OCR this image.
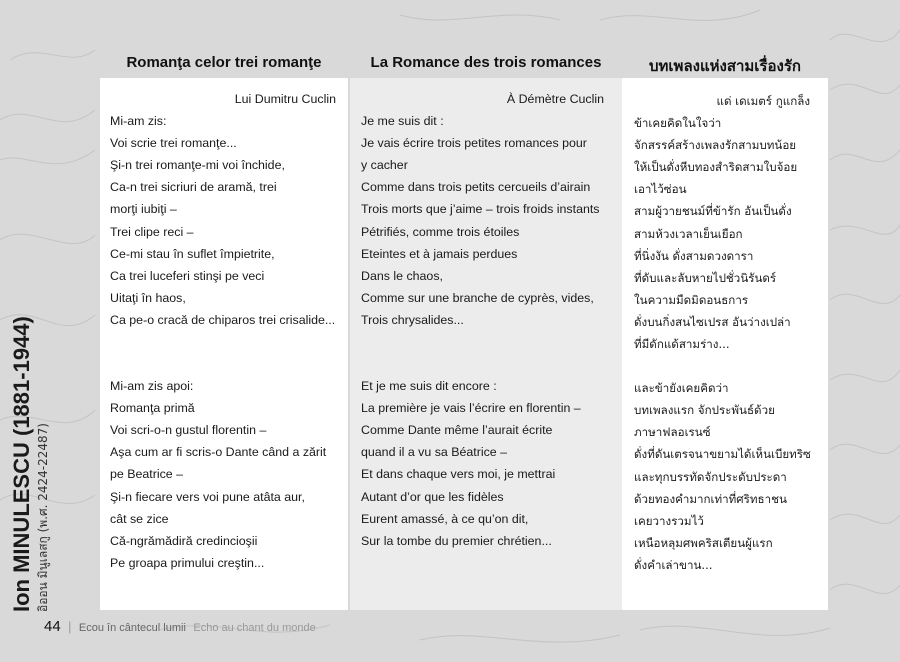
Romanţa celor trei romanţe	La Romance des trois romances	บทเพลงแห่งสามเรื่องรัก
Lui Dumitru Cuclin
Mi-am zis:
Voi scrie trei romanţe...
Şi-n trei romanţe-mi voi închide,
Ca-n trei sicriuri de aramă, trei
morţi iubiţi –
Trei clipe reci –
Ce-mi stau în suflet împietrite,
Ca trei luceferi stinşi pe veci
Uitaţi în haos,
Ca pe-o cracă de chiparos trei crisalide...
Mi-am zis apoi:
Romanţa primă
Voi scri-o-n gustul florentin –
Aşa cum ar fi scris-o Dante când a zărit
pe Beatrice –
Şi-n fiecare vers voi pune atâta aur,
cât se zice
Că-ngrămădiră credincioşii
Pe groapa primului creştin...
À Démètre Cuclin
Je me suis dit :
Je vais écrire trois petites romances pour
y cacher
Comme dans trois petits cercueils d’airain
Trois morts que j’aime – trois froids instants
Pétrifiés, comme trois étoiles
Eteintes et à jamais perdues
Dans le chaos,
Comme sur une branche de cyprès, vides,
Trois chrysalides...
Et je me suis dit encore :
La première je vais l’écrire en florentin –
Comme Dante même l’aurait écrite
quand il a vu sa Béatrice –
Et dans chaque vers moi, je mettrai
Autant d’or que les fidèles
Eurent amassé, à ce qu’on dit,
Sur la tombe du premier chrétien...
แด่ เดเมตร์ กูแกล็ง
ข้าเคยคิดในใจว่า
จักสรรค์สร้างเพลงรักสามบทน้อย
ให้เป็นดั่งหีบทองสำริดสามใบจ้อย
เอาไว้ซ่อน
สามผู้วายชนม์ที่ข้ารัก อันเป็นดั่ง
สามห้วงเวลาเย็นเยือก
ที่นิ่งงัน ดั่งสามดวงดารา
ที่ดับและลับหายไปชั่วนิรันดร์
ในความมืดมิดอนธการ
ดั่งบนกิ่งสนไซเปรส อันว่างเปล่า
ที่มีดักแด้สามร่าง...
และข้ายังเคยคิดว่า
บทเพลงแรก จักประพันธ์ด้วย
ภาษาฟลอเรนซ์
ดั่งที่ดันเตรจนาขยามได้เห็นเบียทริซ
และทุกบรรทัดจักประดับประดา
ด้วยทองคำมากเท่าที่ศริทธาชน
เคยวางรวมไว้
เหนือหลุมศพคริสเตียนผู้แรก
ดั่งคำเล่าขาน...
Ion MINULESCU (1881-1944) อิออน มินูเลสกู (พ.ศ. 2424-22487)
44 | Ecou în cântecul lumii Echo au chant du monde
